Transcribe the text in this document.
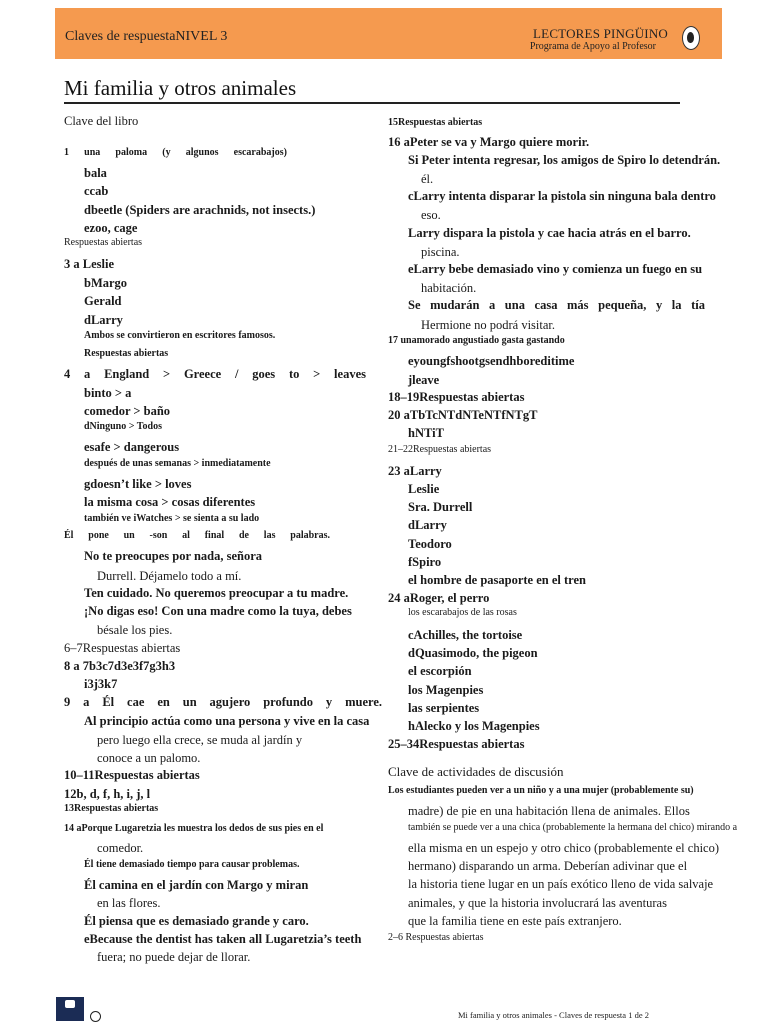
Claves de respuestaNIVEL 3	LECTORES PINGÜINO
Programa de Apoyo al Profesor
Mi familia y otros animales
Clave del libro
1 una paloma (y algunos escarabajos)
bala
ccab
dbeetle (Spiders are arachnids, not insects.)
ezoo, cage
Respuestas abiertas
3 a Leslie
bMargo
Gerald
dLarry
Ambos se convirtieron en escritores famosos.
Respuestas abiertas
4 a England > Greece / goes to > leaves
binto > a
comedor > baño
dNinguno > Todos
esafe > dangerous
después de unas semanas > inmediatamente
gdoesn’t like > loves
la misma cosa > cosas diferentes
también ve iWatches > se sienta a su lado
Él pone un -son al final de las palabras.
No te preocupes por nada, señora
Durrell. Déjamelo todo a mí.
Ten cuidado. No queremos preocupar a tu madre.
¡No digas eso! Con una madre como la tuya, debes
bésale los pies.
6–7Respuestas abiertas
8 a 7b3c7d3e3f7g3h3
i3j3k7
9 a Él cae en un agujero profundo y muere.
Al principio actúa como una persona y vive en la casa
pero luego ella crece, se muda al jardín y
conoce a un palomo.
10–11Respuestas abiertas
12b, d, f, h, i, j, l
13Respuestas abiertas
14 aPorque Lugaretzia les muestra los dedos de sus pies en el
comedor.
Él tiene demasiado tiempo para causar problemas.
Él camina en el jardín con Margo y miran
en las flores.
Él piensa que es demasiado grande y caro.
eBecause the dentist has taken all Lugaretzia’s teeth
fuera; no puede dejar de llorar.
15Respuestas abiertas
16 aPeter se va y Margo quiere morir.
Si Peter intenta regresar, los amigos de Spiro lo detendrán.
él.
cLarry intenta disparar la pistola sin ninguna bala dentro
eso.
Larry dispara la pistola y cae hacia atrás en el barro.
piscina.
eLarry bebe demasiado vino y comienza un fuego en su
habitación.
Se mudarán a una casa más pequeña, y la tía
Hermione no podrá visitar.
17 unamorado angustiado gasta gastando
eyoungfshootgsendhboreditime
jleave
18–19Respuestas abiertas
20 aTbTcNTdNTeNTfNTgT
hNTiT
21–22Respuestas abiertas
23 aLarry
Leslie
Sra. Durrell
dLarry
Teodoro
fSpiro
el hombre de pasaporte en el tren
24 aRoger, el perro
los escarabajos de las rosas
cAchilles, the tortoise
dQuasimodo, the pigeon
el escorpión
los Magenpies
las serpientes
hAlecko y los Magenpies
25–34Respuestas abiertas
Clave de actividades de discusión
Los estudiantes pueden ver a un niño y a una mujer (probablemente su)
madre) de pie en una habitación llena de animales. Ellos
también se puede ver a una chica (probablemente la hermana del chico) mirando a
ella misma en un espejo y otro chico (probablemente el chico)
hermano) disparando un arma. Deberían adivinar que el
la historia tiene lugar en un país exótico lleno de vida salvaje
animales, y que la historia involucrará las aventuras
que la familia tiene en este país extranjero.
2–6 Respuestas abiertas
Mi familia y otros animales - Claves de respuesta 1 de 2
